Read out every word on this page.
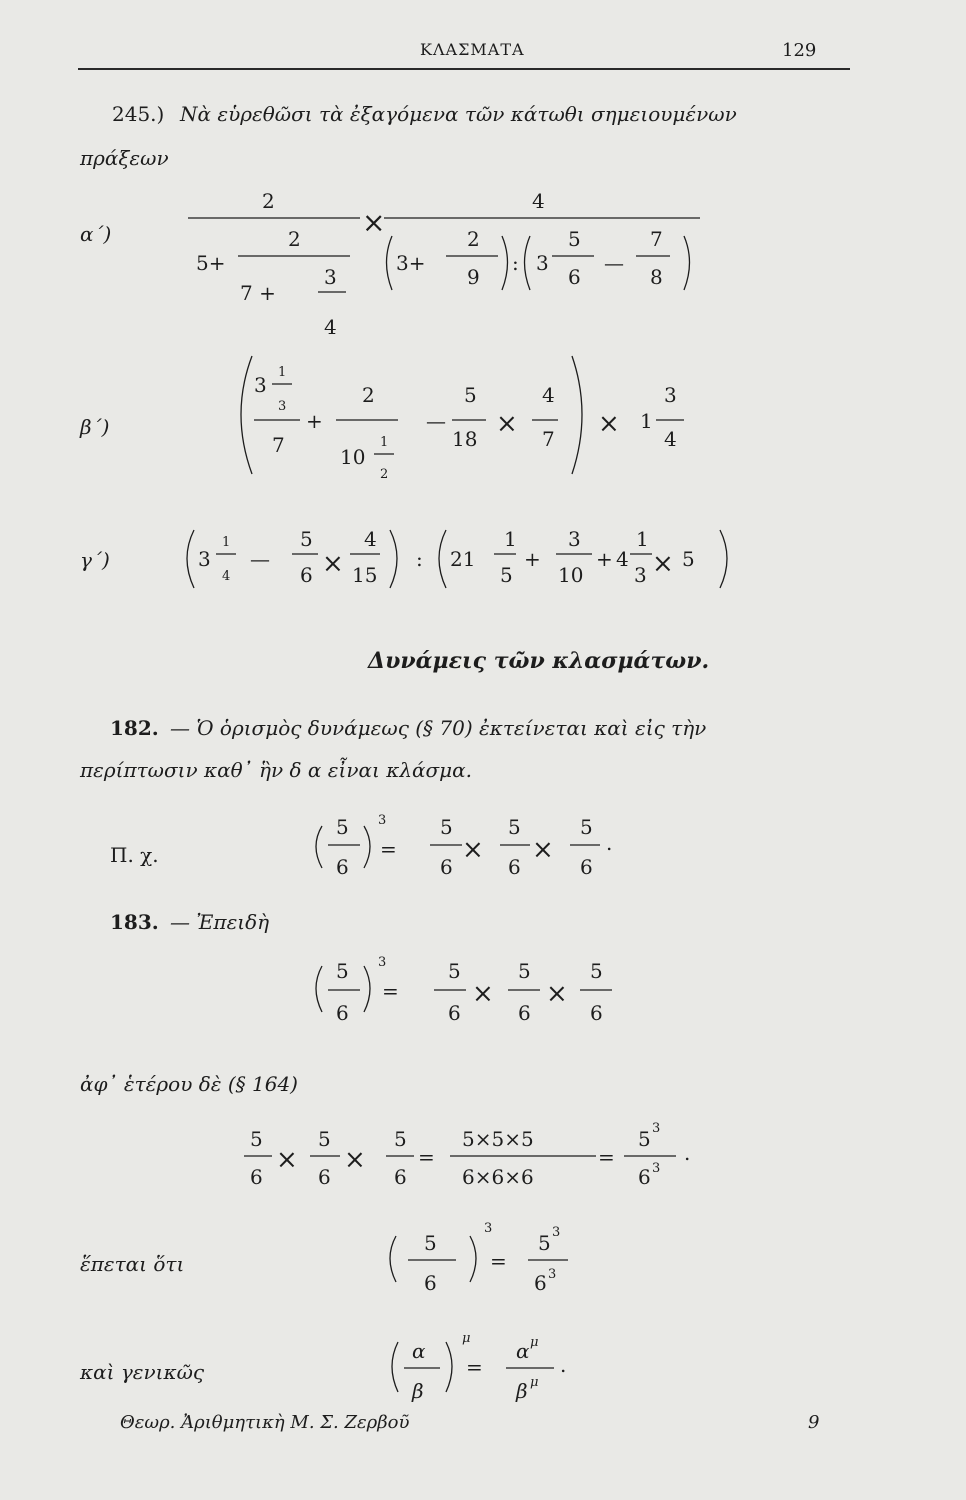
ΚΛΑΣΜΑΤΑ	129
245.) Νὰ εὑρεθῶσι τὰ ἐξαγόμενα τῶν κάτωθι σημειουμένων
πράξεων
α΄)
β΄)
γ΄)
Δυνάμεις τῶν κλασμάτων.
182. — Ὁ ὁρισμὸς δυνάμεως (§ 70) ἐκτείνεται καὶ εἰς τὴν
περίπτωσιν καθ᾽ ἣν δ α εἶναι κλάσμα.
Π. χ.
183. — Ἐπειδὴ
ἀφ᾽ ἑτέρου δὲ (§ 164)
ἕπεται ὅτι
καὶ γενικῶς
Θεωρ. Ἀριθμητικὴ Μ. Σ. Ζερβοῦ	9
2
5+
2
7 +
3
4
×
4
3+
2
9
: 3
5
6
—
7
8
3
1
3
7
+
2
10
1
2
—
5
18 ×
4
7 × 1
3
4
3
1
4
—
5
6 ×
4
15
: 21
1
5
+
3
10
+ 4
1
3 × 5
5
6
3
=
5
6
×
5
6
×
5
6
.
5
6
3
=
5
6
×
5
6
×
5
6
5
6
×
5
6
×
5
6
=
5×5×5
6×6×6
=
5 3
6 3
.
5
6
3
=
5 3
6 3
α
β
μ
=
α μ
β μ
.
